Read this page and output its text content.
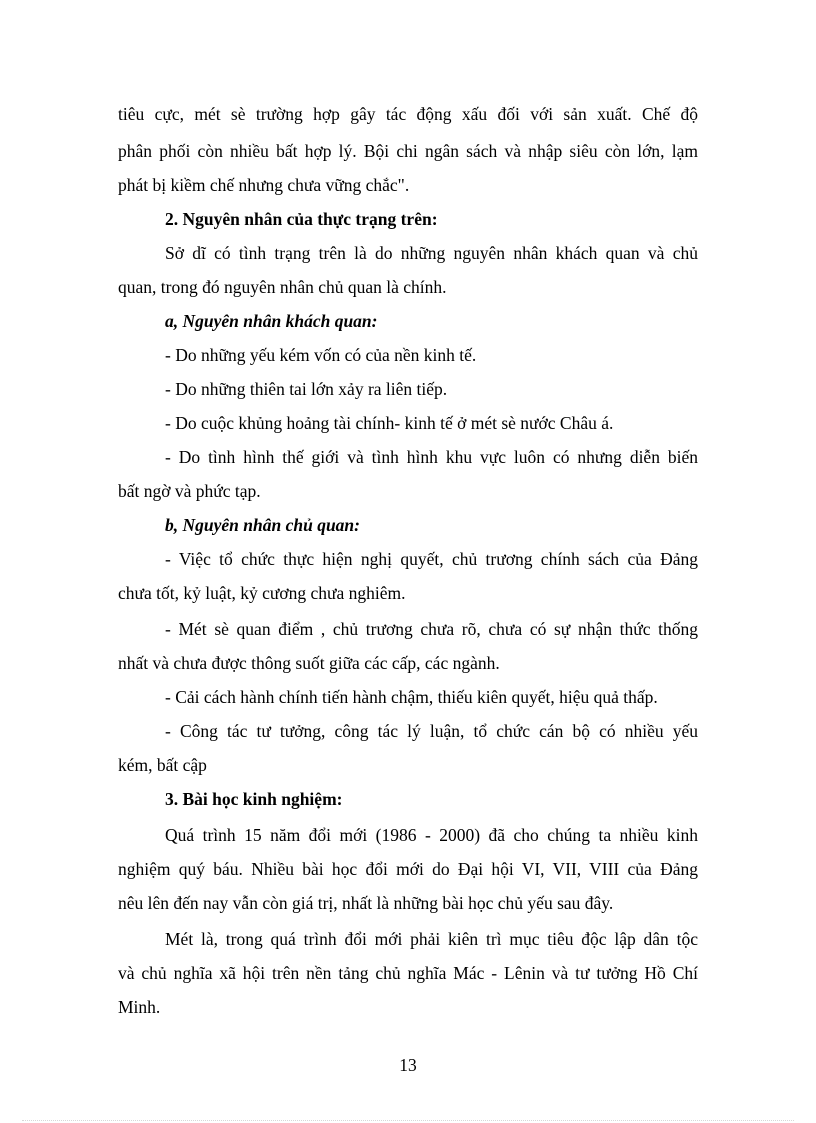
tiêu cực, mét sè trường hợp gây tác động xấu đối với sản xuất. Chế độ
phân phối còn nhiều bất hợp lý. Bội chi ngân sách và nhập siêu còn lớn, lạm
phát bị kiềm chế nhưng chưa vững chắc".
2. Nguyên nhân của thực trạng trên:
Sở dĩ có tình trạng trên là do những nguyên nhân khách quan và chủ
quan, trong đó nguyên nhân chủ quan là chính.
a, Nguyên nhân khách quan:
- Do những yếu kém vốn có của nền kinh tế.
- Do những thiên tai lớn xảy ra liên tiếp.
- Do cuộc khủng hoảng tài chính- kinh tế ở mét sè nước Châu á.
- Do tình hình thế giới và tình hình khu vực luôn có nhưng diễn biến
bất ngờ và phức tạp.
b, Nguyên nhân chủ quan:
- Việc tổ chức thực hiện nghị quyết, chủ trương chính sách của Đảng
chưa tốt, kỷ luật, kỷ cương chưa nghiêm.
- Mét sè quan điểm , chủ trương chưa rõ, chưa có sự nhận thức thống
nhất và chưa được thông suốt giữa các cấp, các ngành.
- Cải cách hành chính tiến hành chậm, thiếu kiên quyết, hiệu quả thấp.
- Công tác tư tưởng, công tác lý luận, tổ chức cán bộ có nhiều yếu
kém, bất cập
3. Bài học kinh nghiệm:
Quá trình 15 năm đổi mới (1986 - 2000) đã cho chúng ta nhiều kinh
nghiệm quý báu. Nhiều bài học đổi mới do Đại hội VI, VII, VIII của Đảng
nêu lên đến nay vẫn còn giá trị, nhất là những bài học chủ yếu sau đây.
Mét là, trong quá trình đổi mới phải kiên trì mục tiêu độc lập dân tộc
và chủ nghĩa xã hội trên nền tảng chủ nghĩa Mác - Lênin và tư tưởng Hồ Chí
Minh.
13
